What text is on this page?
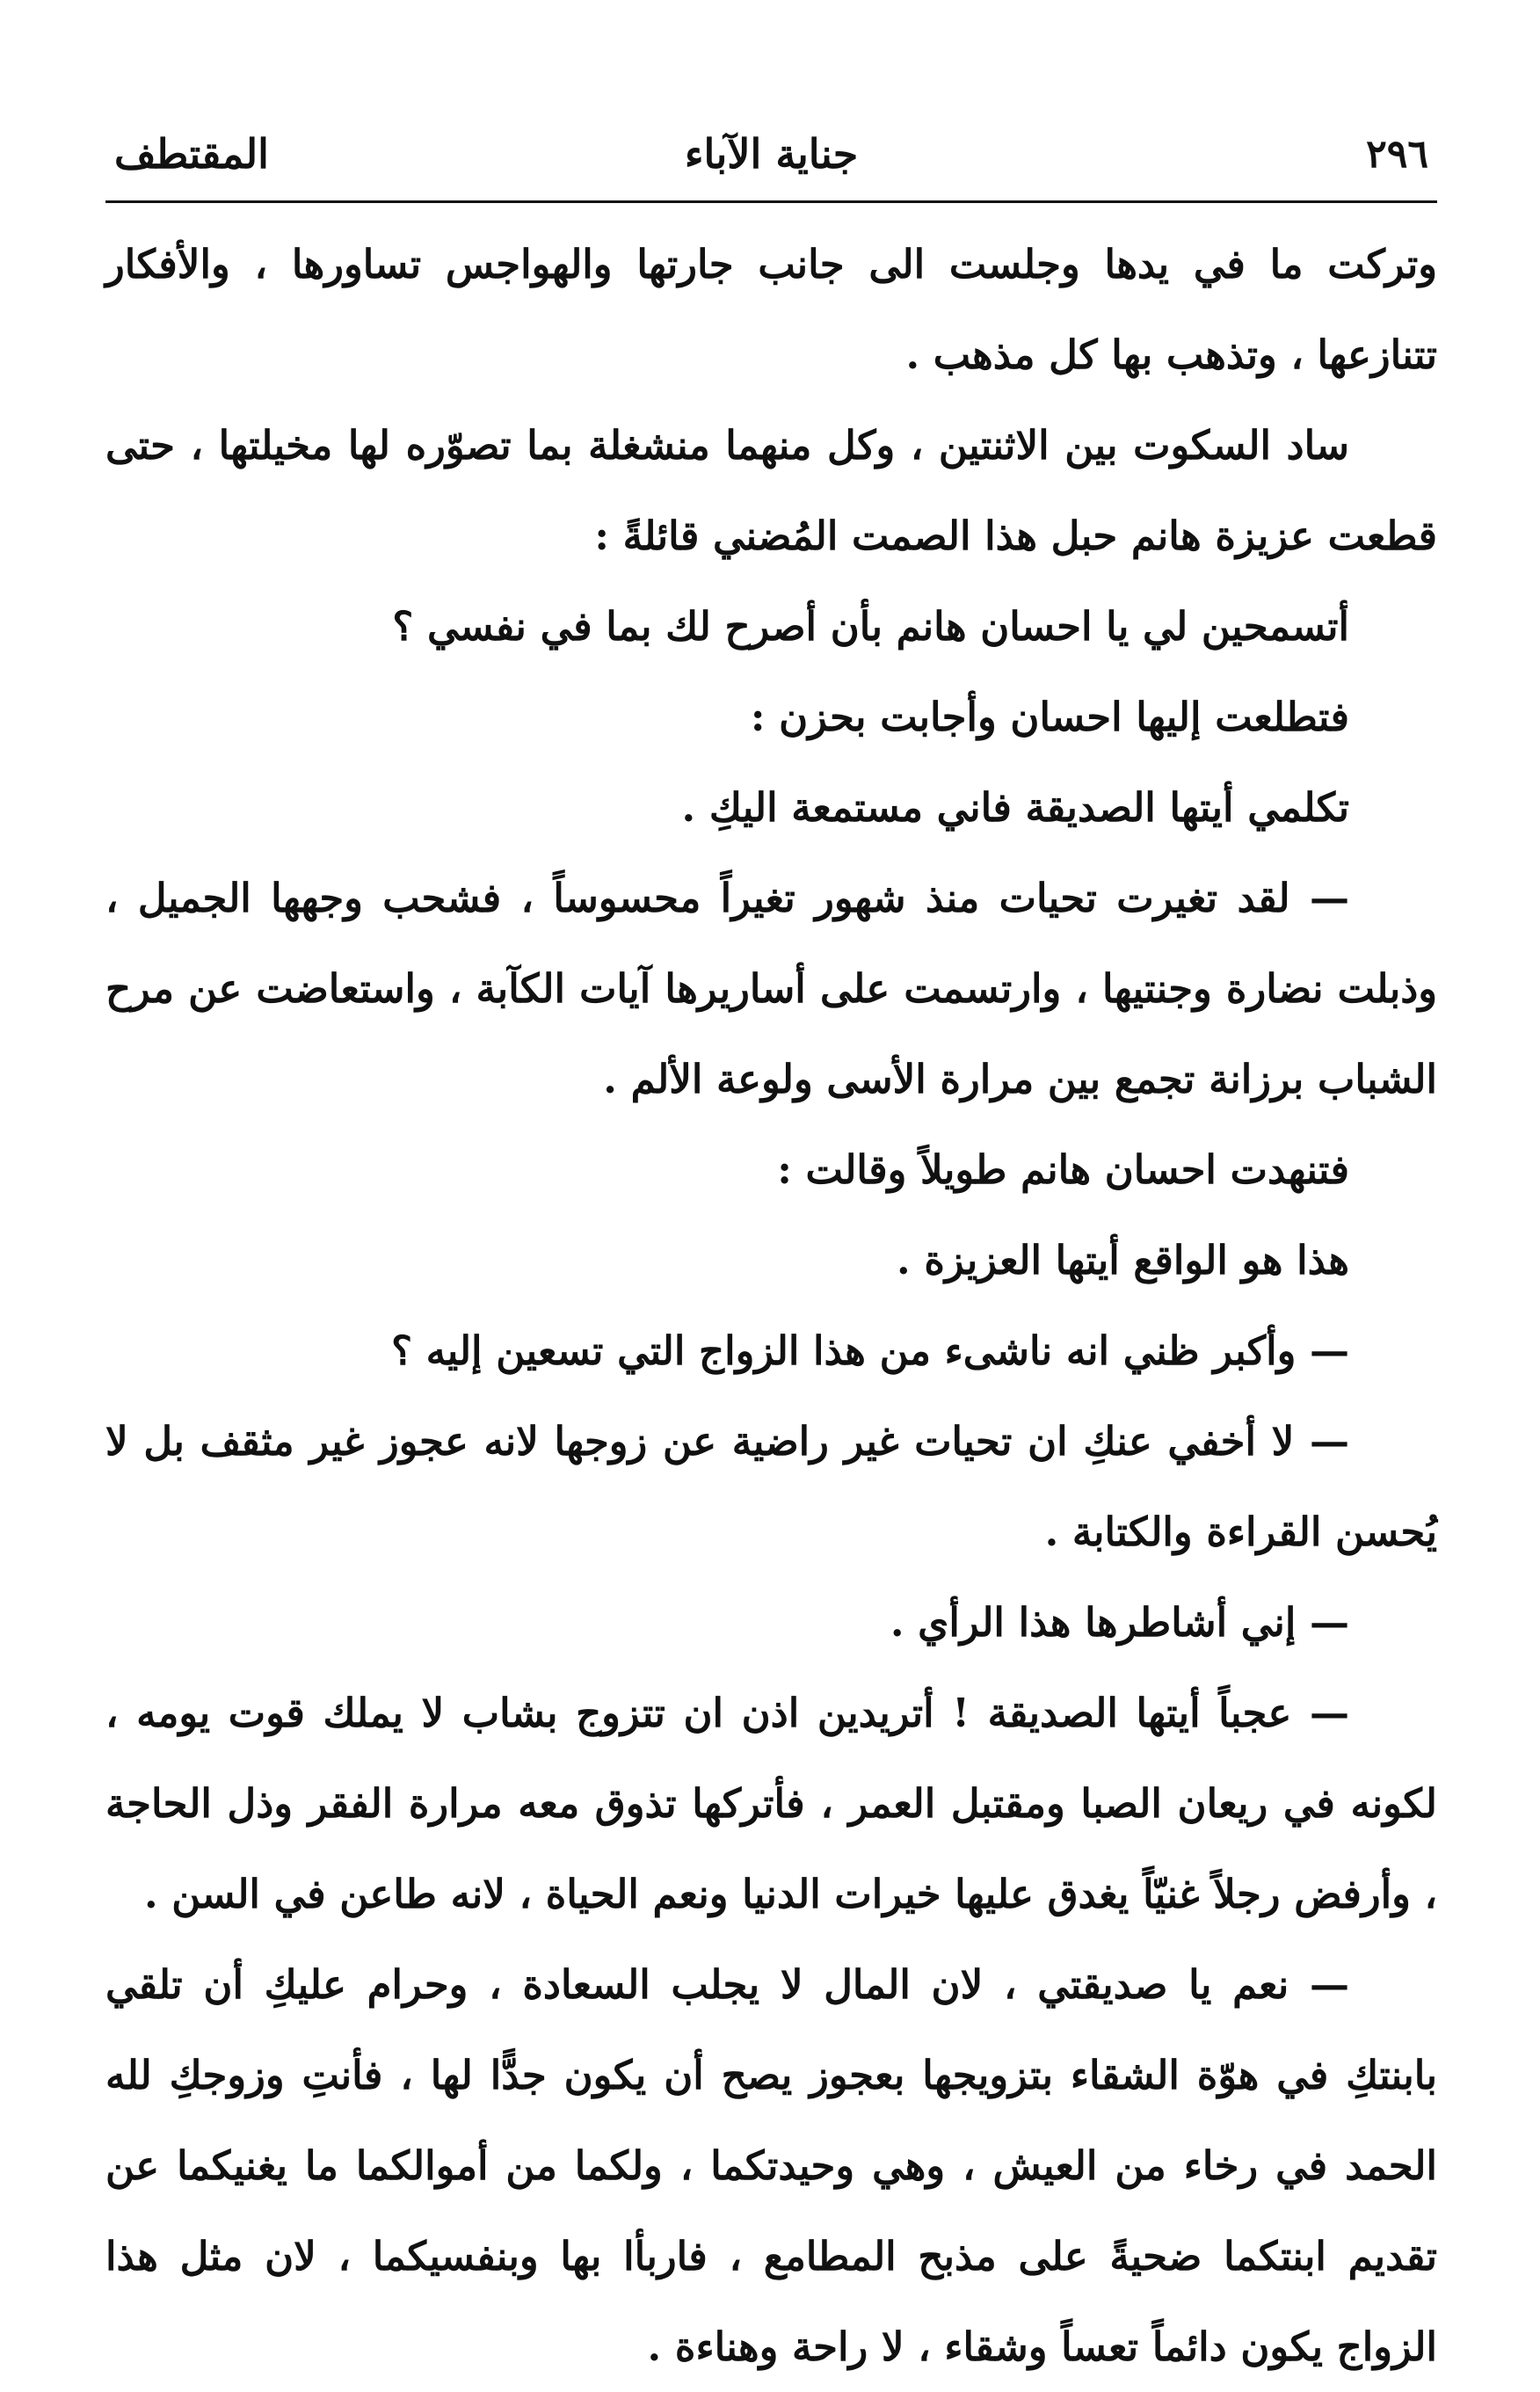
٢٩٦
جناية الآباء
المقتطف

وتركت ما في يدها وجلست الى جانب جارتها والهواجس تساورها ، والأفكار تتنازعها ، وتذهب بها كل مذهب .

ساد السكوت بين الاثنتين ، وكل منهما منشغلة بما تصوّره لها مخيلتها ، حتى قطعت عزيزة هانم حبل هذا الصمت المُضني قائلةً :

أتسمحين لي يا احسان هانم بأن أصرح لك بما في نفسي ؟

فتطلعت إليها احسان وأجابت بحزن :

تكلمي أيتها الصديقة فاني مستمعة اليكِ .

— لقد تغيرت تحيات منذ شهور تغيراً محسوساً ، فشحب وجهها الجميل ، وذبلت نضارة وجنتيها ، وارتسمت على أساريرها آيات الكآبة ، واستعاضت عن مرح الشباب برزانة تجمع بين مرارة الأسى ولوعة الألم .

فتنهدت احسان هانم طويلاً وقالت :

هذا هو الواقع أيتها العزيزة .

— وأكبر ظني انه ناشىء من هذا الزواج التي تسعين إليه ؟

— لا أخفي عنكِ ان تحيات غير راضية عن زوجها لانه عجوز غير مثقف بل لا يُحسن القراءة والكتابة .

— إني أشاطرها هذا الرأي .

— عجباً أيتها الصديقة ! أتريدين اذن ان تتزوج بشاب لا يملك قوت يومه ، لكونه في ريعان الصبا ومقتبل العمر ، فأتركها تذوق معه مرارة الفقر وذل الحاجة ، وأرفض رجلاً غنيّاً يغدق عليها خيرات الدنيا ونعم الحياة ، لانه طاعن في السن .

— نعم يا صديقتي ، لان المال لا يجلب السعادة ، وحرام عليكِ أن تلقي بابنتكِ في هوّة الشقاء بتزويجها بعجوز يصح أن يكون جدًّا لها ، فأنتِ وزوجكِ لله الحمد في رخاء من العيش ، وهي وحيدتكما ، ولكما من أموالكما ما يغنيكما عن تقديم ابنتكما ضحيةً على مذبح المطامع ، فاربأا بها وبنفسيكما ، لان مثل هذا الزواج يكون دائماً تعساً وشقاء ، لا راحة وهناءة .
